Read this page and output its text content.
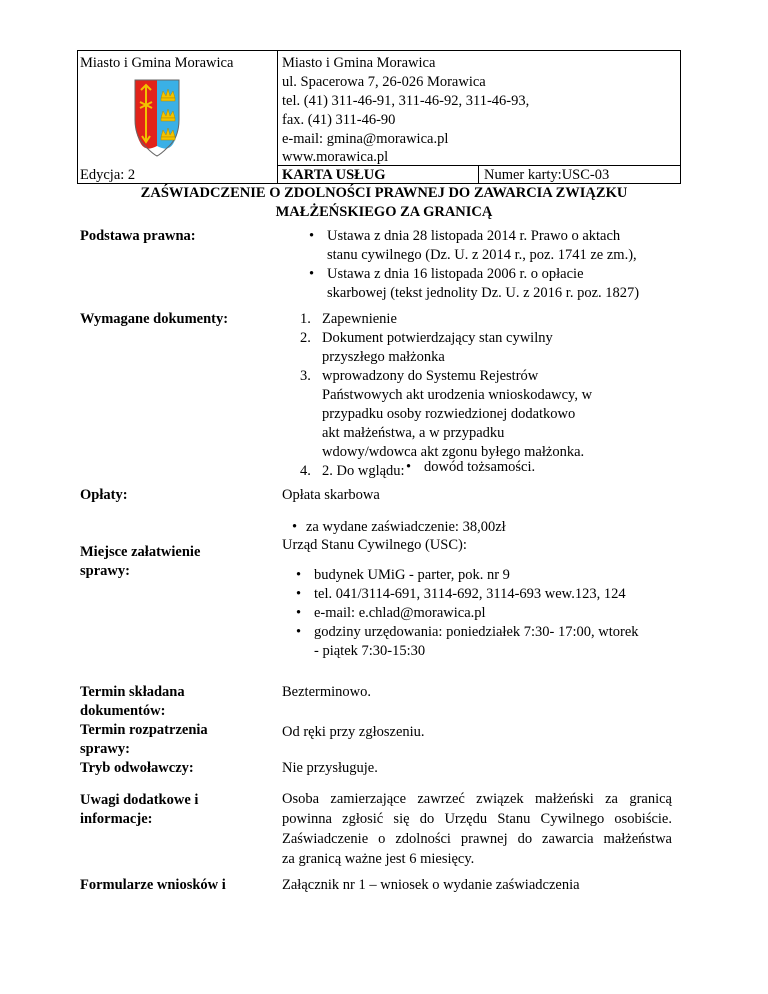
Miasto i Gmina Morawica	Miasto i Gmina Morawica
ul. Spacerowa 7, 26-026 Morawica
tel. (41) 311-46-91, 311-46-92, 311-46-93,
fax. (41) 311-46-90
e-mail: gmina@morawica.pl
www.morawica.pl
Edycja: 2	KARTA USŁUG	Numer karty:USC-03
ZAŚWIADCZENIE O ZDOLNOŚCI PRAWNEJ DO ZAWARCIA ZWIĄZKU
MAŁŻEŃSKIEGO ZA GRANICĄ
Podstawa prawna:	• Ustawa z dnia 28 listopada 2014 r. Prawo o aktach
stanu cywilnego (Dz. U. z 2014 r., poz. 1741 ze zm.),
• Ustawa z dnia 16 listopada 2006 r. o opłacie
skarbowej (tekst jednolity Dz. U. z 2016 r. poz. 1827)
Wymagane dokumenty:	1. Zapewnienie
2. Dokument potwierdzający stan cywilny
przyszłego małżonka
3. wprowadzony do Systemu Rejestrów
Państwowych akt urodzenia wnioskodawcy, w
przypadku osoby rozwiedzionej dodatkowo
akt małżeństwa, a w przypadku
wdowy/wdowca akt zgonu byłego małżonka.
4. 2. Do wglądu:	• dowód tożsamości.
Opłaty:	Opłata skarbowa
• za wydane zaświadczenie: 38,00zł
Miejsce załatwienie
sprawy:
Urząd Stanu Cywilnego (USC):
• budynek UMiG - parter, pok. nr 9
• tel. 041/3114-691, 3114-692, 3114-693 wew.123, 124
• e-mail: e.chlad@morawica.pl
• godziny urzędowania: poniedziałek 7:30- 17:00, wtorek
- piątek 7:30-15:30
Termin składana
dokumentów:
Bezterminowo.
Termin rozpatrzenia
sprawy:
Od ręki przy zgłoszeniu.
Tryb odwoławczy:	Nie przysługuje.
Uwagi dodatkowe i
informacje:
Osoba zamierzające zawrzeć związek małżeński za granicą
powinna zgłosić się do Urzędu Stanu Cywilnego osobiście.
Zaświadczenie o zdolności prawnej do zawarcia małżeństwa
za granicą ważne jest 6 miesięcy.
Formularze wniosków i	Załącznik nr 1 – wniosek o wydanie zaświadczenia
